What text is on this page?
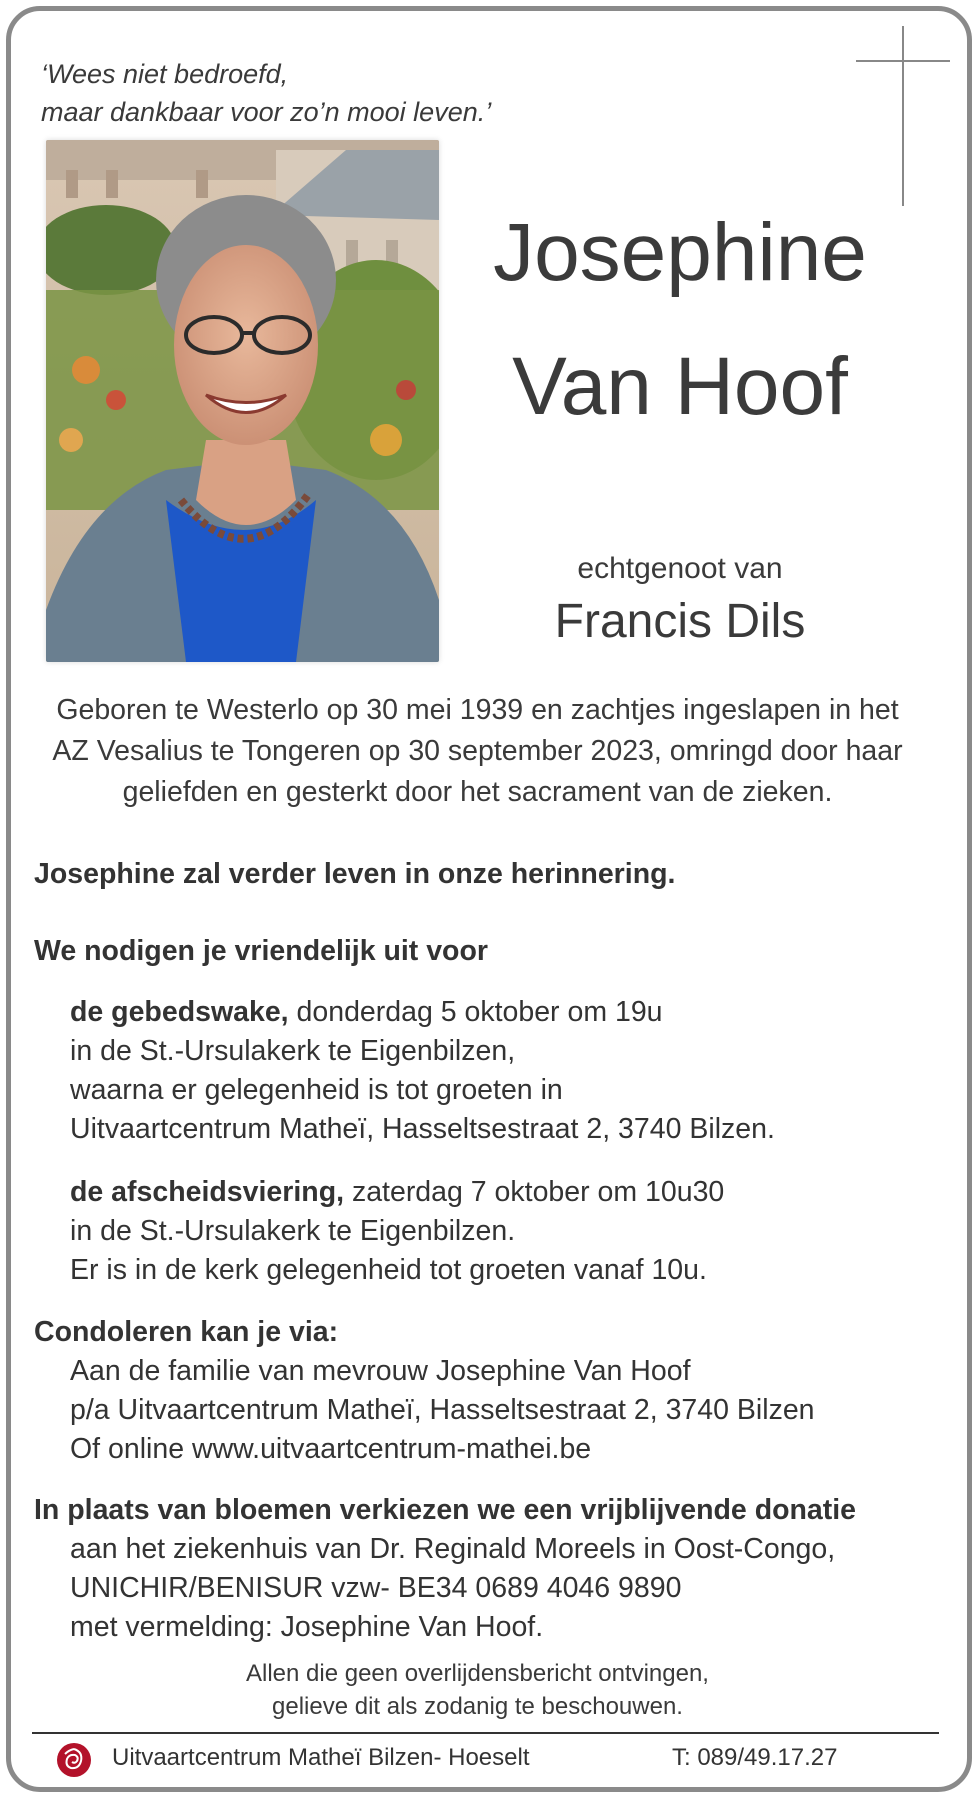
‘Wees niet bedroefd,
maar dankbaar voor zo’n mooi leven.’
Josephine
Van Hoof
echtgenoot van
Francis Dils
Geboren te Westerlo op 30 mei 1939 en zachtjes ingeslapen in het
AZ Vesalius te Tongeren op 30 september 2023, omringd door haar
geliefden en gesterkt door het sacrament van de zieken.
Josephine zal verder leven in onze herinnering.
We nodigen je vriendelijk uit voor
de gebedswake, donderdag 5 oktober om 19u
in de St.-Ursulakerk te Eigenbilzen,
waarna er gelegenheid is tot groeten in
Uitvaartcentrum Matheï, Hasseltsestraat 2, 3740 Bilzen.
de afscheidsviering, zaterdag 7 oktober om 10u30
in de St.-Ursulakerk te Eigenbilzen.
Er is in de kerk gelegenheid tot groeten vanaf 10u.
Condoleren kan je via:
Aan de familie van mevrouw Josephine Van Hoof
p/a Uitvaartcentrum Matheï, Hasseltsestraat 2, 3740 Bilzen
Of online www.uitvaartcentrum-mathei.be
In plaats van bloemen verkiezen we een vrijblijvende donatie
aan het ziekenhuis van Dr. Reginald Moreels in Oost-Congo,
UNICHIR/BENISUR vzw- BE34 0689 4046 9890
met vermelding: Josephine Van Hoof.
Allen die geen overlijdensbericht ontvingen,
gelieve dit als zodanig te beschouwen.
Uitvaartcentrum Matheï Bilzen- Hoeselt	T: 089/49.17.27
